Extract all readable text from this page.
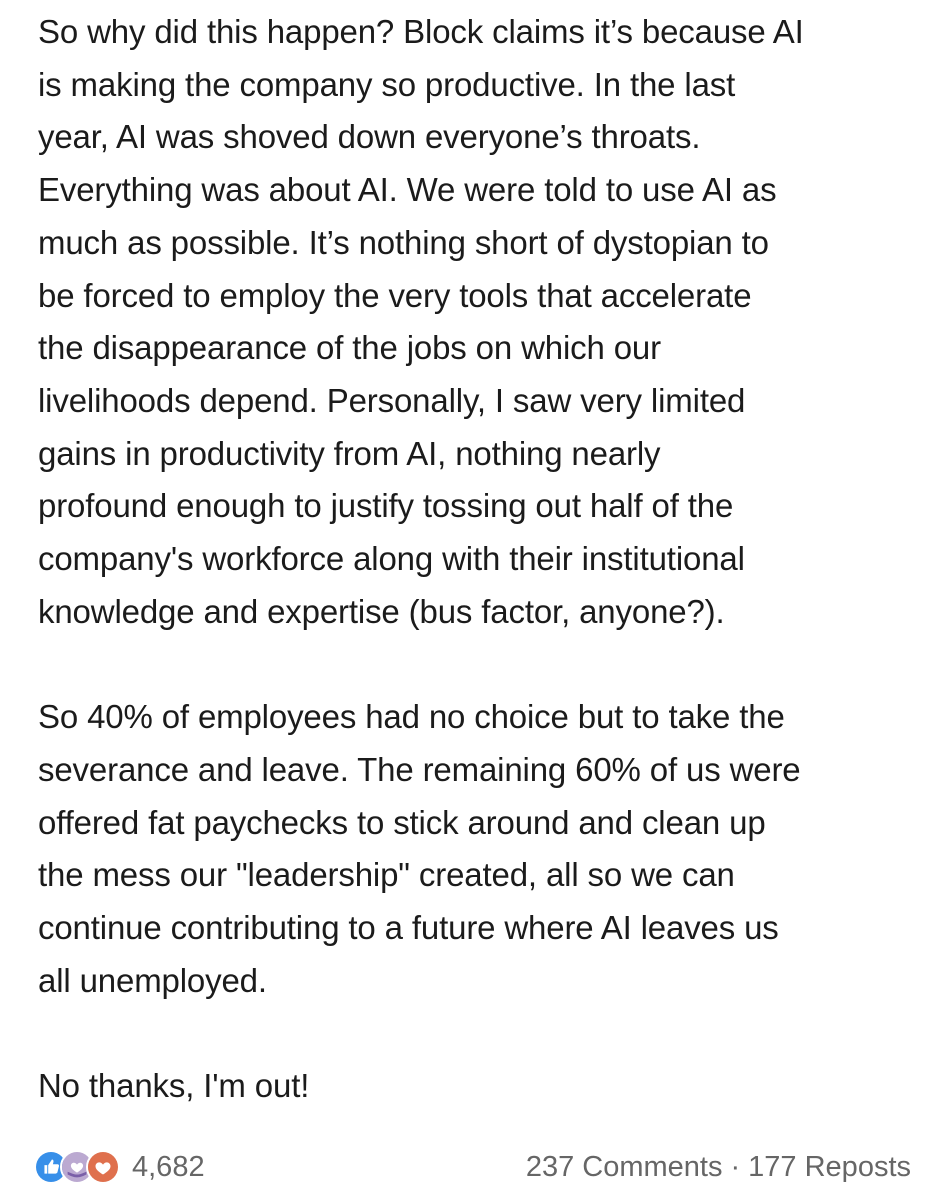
So why did this happen? Block claims it’s because AI
is making the company so productive. In the last
year, AI was shoved down everyone’s throats.
Everything was about AI. We were told to use AI as
much as possible. It’s nothing short of dystopian to
be forced to employ the very tools that accelerate
the disappearance of the jobs on which our
livelihoods depend. Personally, I saw very limited
gains in productivity from AI, nothing nearly
profound enough to justify tossing out half of the
company's workforce along with their institutional
knowledge and expertise (bus factor, anyone?).

So 40% of employees had no choice but to take the
severance and leave. The remaining 60% of us were
offered fat paychecks to stick around and clean up
the mess our "leadership" created, all so we can
continue contributing to a future where AI leaves us
all unemployed.

No thanks, I'm out!

4,682	237 Comments · 177 Reposts
